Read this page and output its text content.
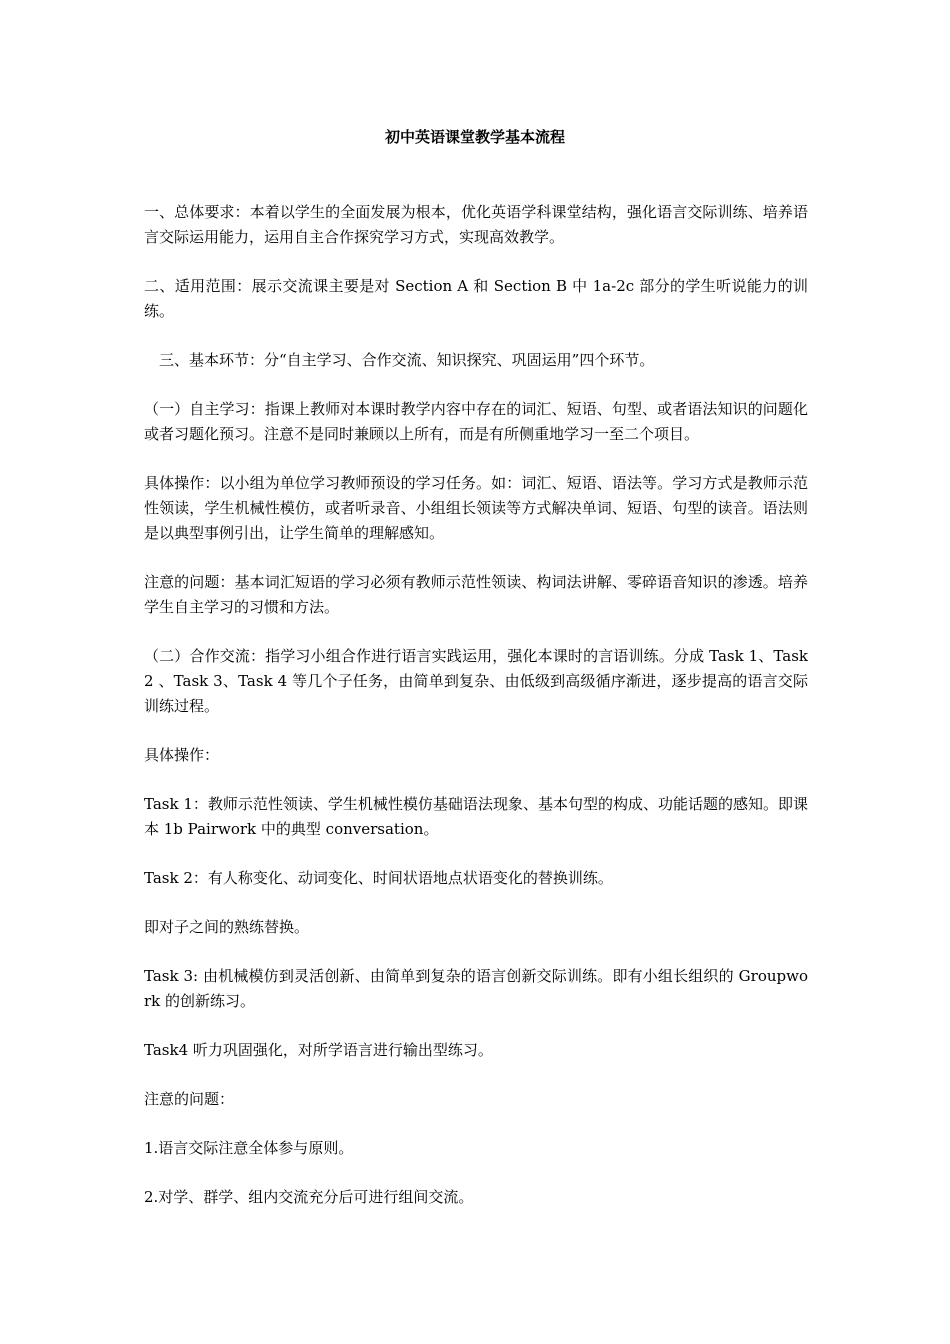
初中英语课堂教学基本流程

一、总体要求：本着以学生的全面发展为根本，优化英语学科课堂结构，强化语言交际训练、培养语言交际运用能力，运用自主合作探究学习方式，实现高效教学。

二、适用范围：展示交流课主要是对 Section A 和 Section B 中 1a-2c 部分的学生听说能力的训练。

三、基本环节：分“自主学习、合作交流、知识探究、巩固运用”四个环节。

（一）自主学习：指课上教师对本课时教学内容中存在的词汇、短语、句型、或者语法知识的问题化或者习题化预习。注意不是同时兼顾以上所有，而是有所侧重地学习一至二个项目。

具体操作：以小组为单位学习教师预设的学习任务。如：词汇、短语、语法等。学习方式是教师示范性领读，学生机械性模仿，或者听录音、小组组长领读等方式解决单词、短语、句型的读音。语法则是以典型事例引出，让学生简单的理解感知。

注意的问题：基本词汇短语的学习必须有教师示范性领读、构词法讲解、零碎语音知识的渗透。培养学生自主学习的习惯和方法。

（二）合作交流：指学习小组合作进行语言实践运用，强化本课时的言语训练。分成 Task 1、Task 2 、Task 3、Task 4 等几个子任务，由简单到复杂、由低级到高级循序渐进，逐步提高的语言交际训练过程。

具体操作：

Task 1：教师示范性领读、学生机械性模仿基础语法现象、基本句型的构成、功能话题的感知。即课本 1b Pairwork 中的典型 conversation。

Task 2：有人称变化、动词变化、时间状语地点状语变化的替换训练。

即对子之间的熟练替换。

Task 3: 由机械模仿到灵活创新、由简单到复杂的语言创新交际训练。即有小组长组织的 Groupwork 的创新练习。

Task4 听力巩固强化，对所学语言进行输出型练习。

注意的问题：

1.语言交际注意全体参与原则。

2.对学、群学、组内交流充分后可进行组间交流。
